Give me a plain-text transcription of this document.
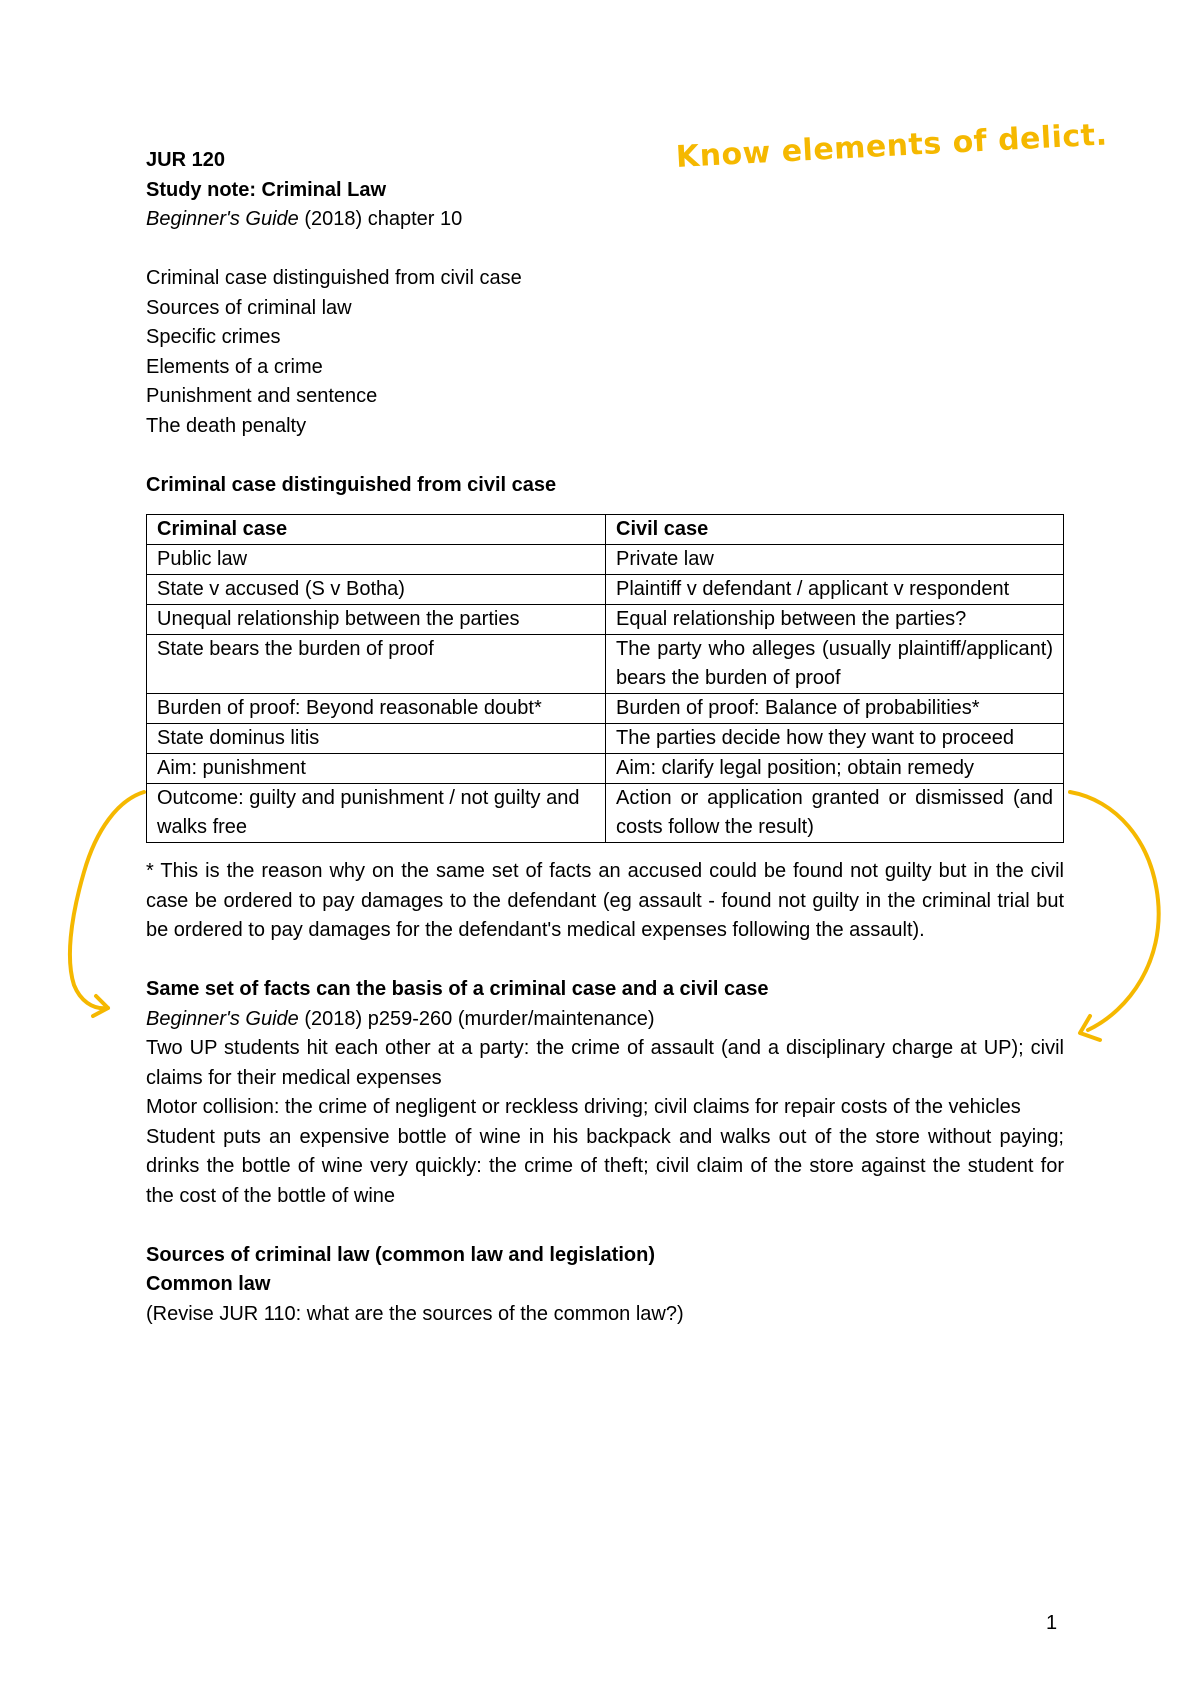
JUR 120

Study note: Criminal Law

Beginner's Guide (2018) chapter 10

Criminal case distinguished from civil case

Sources of criminal law

Specific crimes

Elements of a crime

Punishment and sentence

The death penalty

Criminal case distinguished from civil case

Criminal case	Civil case
Public law	Private law
State v accused (S v Botha)	Plaintiff v defendant / applicant v respondent
Unequal relationship between the parties	Equal relationship between the parties?
State bears the burden of proof	The party who alleges (usually plaintiff/applicant) bears the burden of proof
Burden of proof: Beyond reasonable doubt*	Burden of proof: Balance of probabilities*
State dominus litis	The parties decide how they want to proceed
Aim: punishment	Aim: clarify legal position; obtain remedy
Outcome: guilty and punishment / not guilty and walks free	Action or application granted or dismissed (and costs follow the result)

* This is the reason why on the same set of facts an accused could be found not guilty but in the civil case be ordered to pay damages to the defendant (eg assault - found not guilty in the criminal trial but be ordered to pay damages for the defendant's medical expenses following the assault).

Same set of facts can the basis of a criminal case and a civil case

Beginner's Guide (2018) p259-260 (murder/maintenance)

Two UP students hit each other at a party: the crime of assault (and a disciplinary charge at UP); civil claims for their medical expenses

Motor collision: the crime of negligent or reckless driving; civil claims for repair costs of the vehicles

Student puts an expensive bottle of wine in his backpack and walks out of the store without paying; drinks the bottle of wine very quickly: the crime of theft; civil claim of the store against the student for the cost of the bottle of wine

Sources of criminal law (common law and legislation)

Common law

(Revise JUR 110: what are the sources of the common law?)

Know elements of delict.
1
